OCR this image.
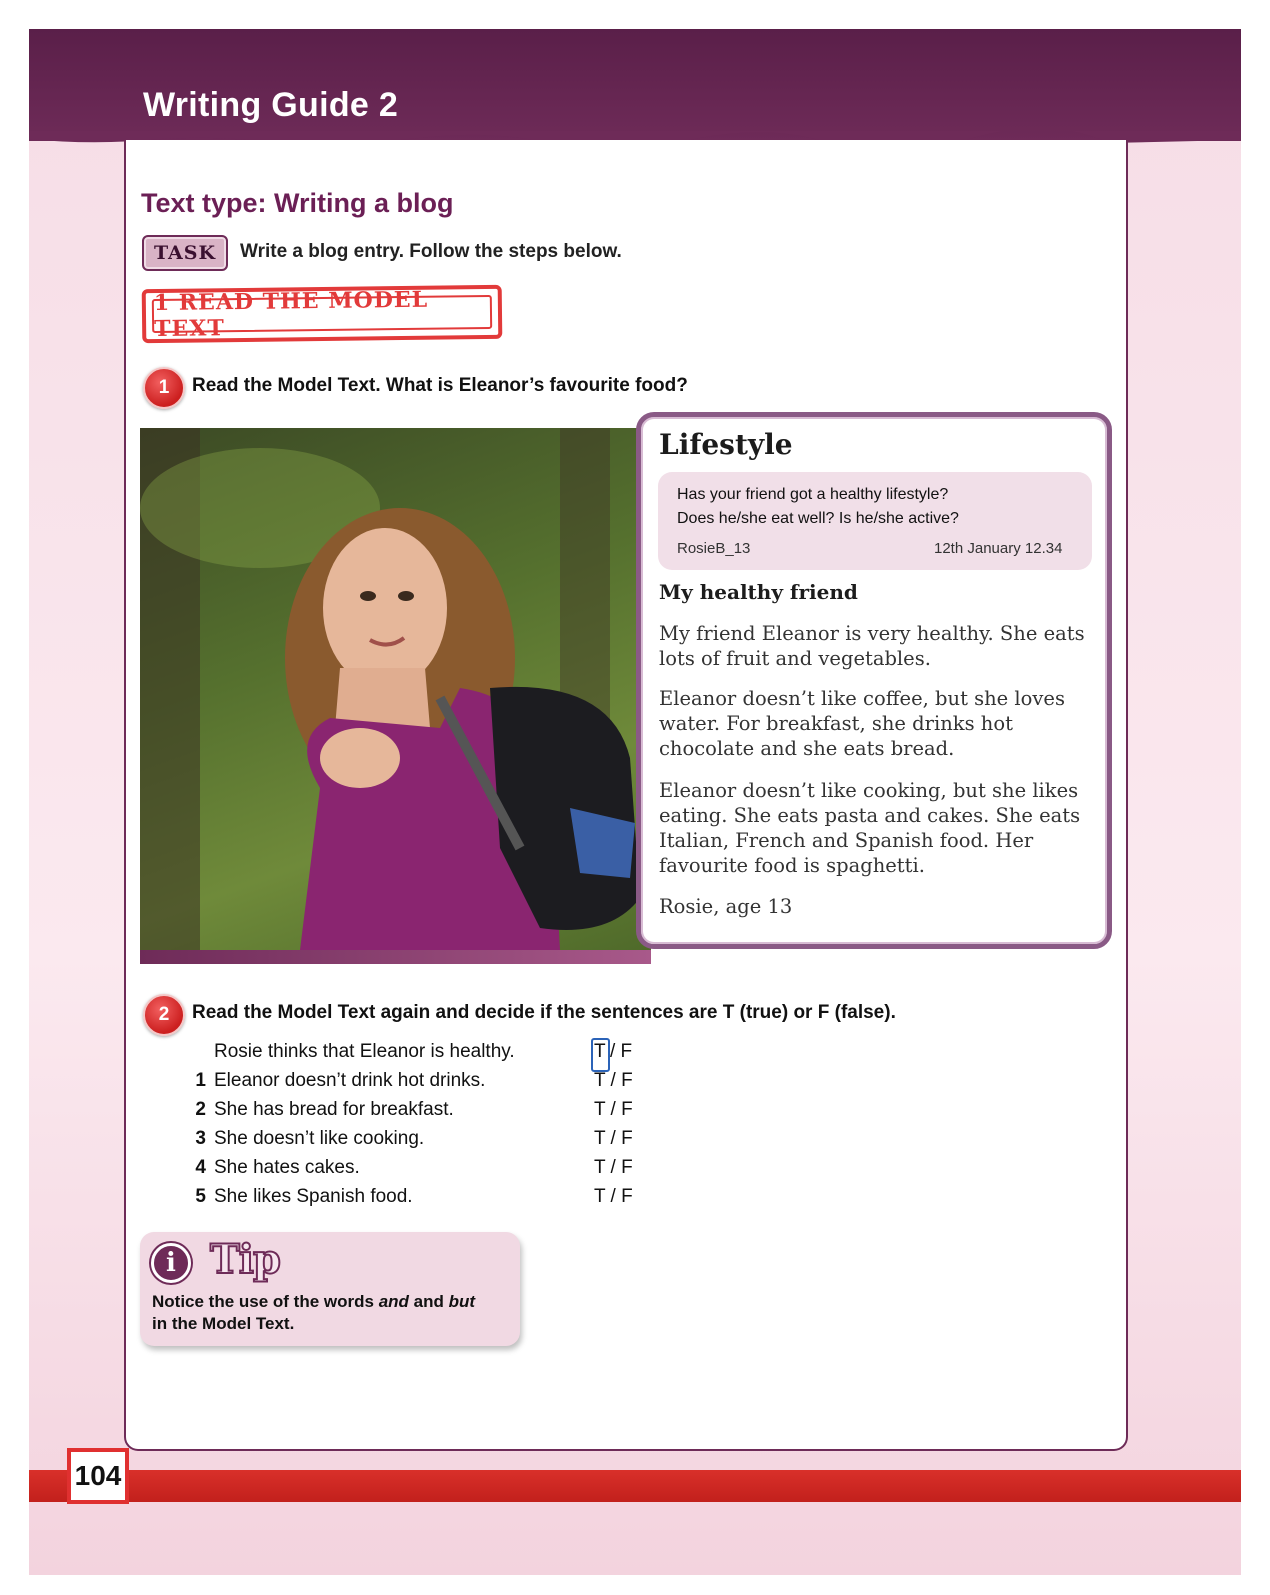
Writing Guide 2
Text type: Writing a blog
TASK	Write a blog entry. Follow the steps below.
1 READ THE MODEL TEXT
1	Read the Model Text. What is Eleanor’s favourite food?
Lifestyle
Has your friend got a healthy lifestyle?
Does he/she eat well? Is he/she active?
RosieB_13	12th January 12.34
My healthy friend

My friend Eleanor is very healthy. She eats lots of fruit and vegetables.

Eleanor doesn’t like coffee, but she loves water. For breakfast, she drinks hot chocolate and she eats bread.

Eleanor doesn’t like cooking, but she likes eating. She eats pasta and cakes. She eats Italian, French and Spanish food. Her favourite food is spaghetti.

Rosie, age 13

2	Read the Model Text again and decide if the sentences are T (true) or F (false).
Rosie thinks that Eleanor is healthy.	T / F
1 Eleanor doesn’t drink hot drinks.	T / F
2 She has bread for breakfast.	T / F
3 She doesn’t like cooking.	T / F
4 She hates cakes.	T / F
5 She likes Spanish food.	T / F
i Tip
Notice the use of the words and and but
in the Model Text.
104
